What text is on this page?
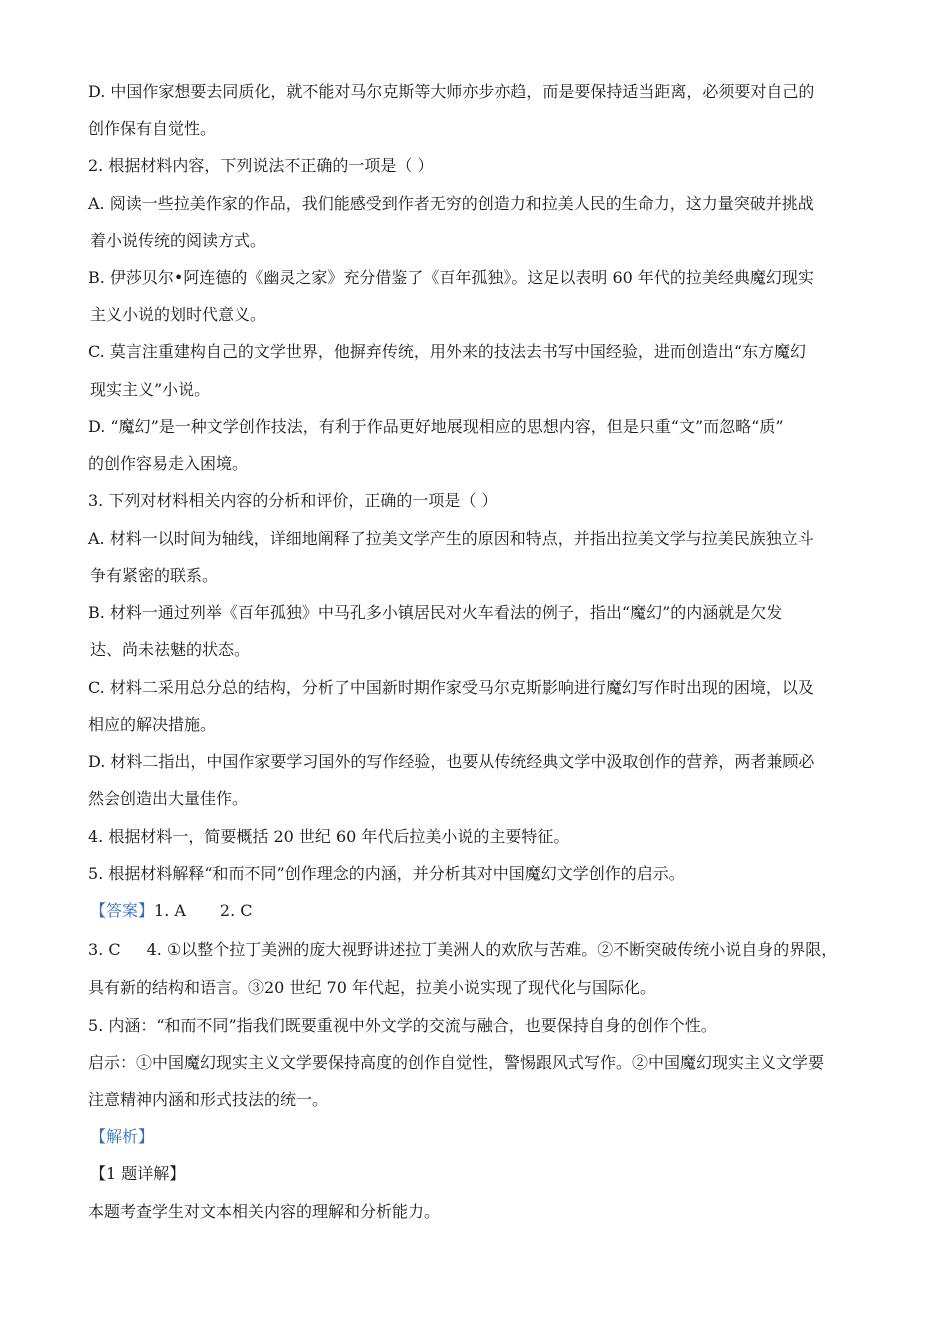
D. 中国作家想要去同质化，就不能对马尔克斯等大师亦步亦趋，而是要保持适当距离，必须要对自己的
创作保有自觉性。
2. 根据材料内容，下列说法不正确的一项是（ ）
A. 阅读一些拉美作家的作品，我们能感受到作者无穷的创造力和拉美人民的生命力，这力量突破并挑战
着小说传统的阅读方式。
B. 伊莎贝尔•阿连德的《幽灵之家》充分借鉴了《百年孤独》。这足以表明 60 年代的拉美经典魔幻现实
主义小说的划时代意义。
C. 莫言注重建构自己的文学世界，他摒弃传统，用外来的技法去书写中国经验，进而创造出“东方魔幻
现实主义”小说。
D. “魔幻”是一种文学创作技法，有利于作品更好地展现相应的思想内容，但是只重“文”而忽略“质”
的创作容易走入困境。
3. 下列对材料相关内容的分析和评价，正确的一项是（ ）
A. 材料一以时间为轴线，详细地阐释了拉美文学产生的原因和特点，并指出拉美文学与拉美民族独立斗
争有紧密的联系。
B. 材料一通过列举《百年孤独》中马孔多小镇居民对火车看法的例子，指出“魔幻”的内涵就是欠发
达、尚未祛魅的状态。
C. 材料二采用总分总的结构，分析了中国新时期作家受马尔克斯影响进行魔幻写作时出现的困境，以及
相应的解决措施。
D. 材料二指出，中国作家要学习国外的写作经验，也要从传统经典文学中汲取创作的营养，两者兼顾必
然会创造出大量佳作。
4. 根据材料一，简要概括 20 世纪 60 年代后拉美小说的主要特征。
5. 根据材料解释“和而不同”创作理念的内涵，并分析其对中国魔幻文学创作的启示。
【答案】1. A 2. C
3. C 4. ①以整个拉丁美洲的庞大视野讲述拉丁美洲人的欢欣与苦难。②不断突破传统小说自身的界限，
具有新的结构和语言。③20 世纪 70 年代起，拉美小说实现了现代化与国际化。
5. 内涵：“和而不同”指我们既要重视中外文学的交流与融合，也要保持自身的创作个性。
启示：①中国魔幻现实主义文学要保持高度的创作自觉性，警惕跟风式写作。②中国魔幻现实主义文学要
注意精神内涵和形式技法的统一。
【解析】
【1 题详解】
本题考查学生对文本相关内容的理解和分析能力。
